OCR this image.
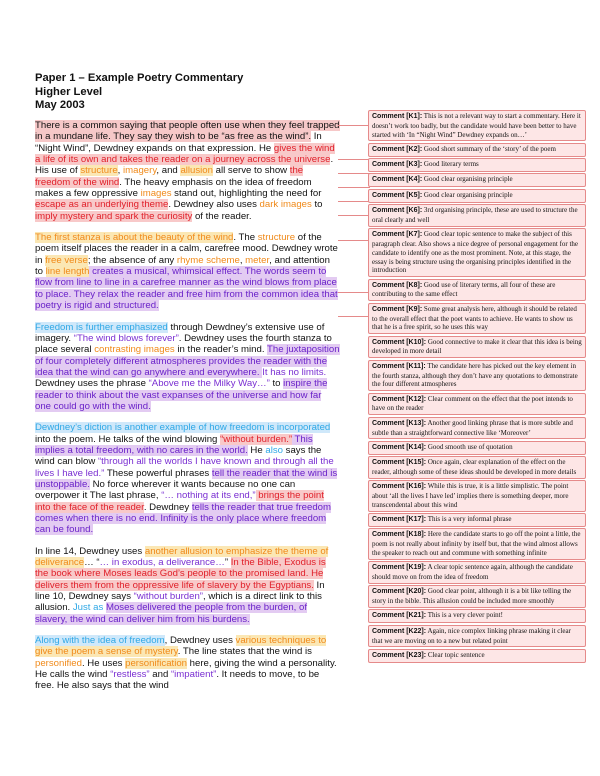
Paper 1 – Example Poetry Commentary
Higher Level
May 2003

There is a common saying that people often use when they feel trapped in a mundane life. They say they wish to be “as free as the wind”. In “Night Wind”, Dewdney expands on that expression. He gives the wind a life of its own and takes the reader on a journey across the universe. His use of structure, imagery, and allusion all serve to show the freedom of the wind. The heavy emphasis on the idea of freedom makes a few oppressive images stand out, highlighting the need for escape as an underlying theme. Dewdney also uses dark images to imply mystery and spark the curiosity of the reader.

The first stanza is about the beauty of the wind. The structure of the poem itself places the reader in a calm, carefree mood. Dewdney wrote in free verse; the absence of any rhyme scheme, meter, and attention to line length creates a musical, whimsical effect. The words seem to flow from line to line in a carefree manner as the wind blows from place to place. They relax the reader and free him from the common idea that poetry is rigid and structured.

Freedom is further emphasized through Dewdney’s extensive use of imagery. “The wind blows forever”. Dewdney uses the fourth stanza to place several contrasting images in the reader’s mind. The juxtaposition of four completely different atmospheres provides the reader with the idea that the wind can go anywhere and everywhere. It has no limits. Dewdney uses the phrase “Above me the Milky Way…” to inspire the reader to think about the vast expanses of the universe and how far one could go with the wind.

Dewdney’s diction is another example of how freedom is incorporated into the poem. He talks of the wind blowing “without burden.” This implies a total freedom, with no cares in the world. He also says the wind can blow “through all the worlds I have known and through all the lives I have led.” These powerful phrases tell the reader that the wind is unstoppable. No force wherever it wants because no one can overpower it The last phrase, “… nothing at its end,” brings the point into the face of the reader. Dewdney tells the reader that true freedom comes when there is no end. Infinity is the only place where freedom can be found.

In line 14, Dewdney uses another allusion to emphasize the theme of deliverance… “… in exodus, a deliverance…” In the Bible, Exodus is the book where Moses leads God’s people to the promised land. He delivers them from the oppressive life of slavery by the Egyptians. In line 10, Dewdney says “without burden”, which is a direct link to this allusion. Just as Moses delivered the people from the burden, of slavery, the wind can deliver him from his burdens.

Along with the idea of freedom, Dewdney uses various techniques to give the poem a sense of mystery. The line states that the wind is personified. He uses personification here, giving the wind a personality. He calls the wind “restless” and “impatient”. It needs to move, to be free. He also says that the wind

Comment [K1]: This is not a relevant way to start a commentary. Here it doesn’t work too badly, but the candidate would have been better to have started with ‘In “Night Wind” Dewdney expands on…’
Comment [K2]: Good short summary of the ‘story’ of the poem
Comment [K3]: Good literary terms
Comment [K4]: Good clear organising principle
Comment [K5]: Good clear organising principle
Comment [K6]: 3rd organising principle, these are used to structure the oral clearly and well
Comment [K7]: Good clear topic sentence to make the subject of this paragraph clear. Also shows a nice degree of personal engagement for the candidate to identify one as the most prominent. Note, at this stage, the essay is being structure using the organising principles identified in the introduction
Comment [K8]: Good use of literary terms, all four of these are contributing to the same effect
Comment [K9]: Some great analysis here, although it should be related to the overall effect that the poet wants to achieve. He wants to show us that he is a free spirit, so he uses this way
Comment [K10]: Good connective to make it clear that this idea is being developed in more detail
Comment [K11]: The candidate here has picked out the key element in the fourth stanza, although they don’t have any quotations to demonstrate the four different atmospheres
Comment [K12]: Clear comment on the effect that the poet intends to have on the reader
Comment [K13]: Another good linking phrase that is more subtle and subtle than a straightforward connective like ‘Moreover’
Comment [K14]: Good smooth use of quotation
Comment [K15]: Once again, clear explanation of the effect on the reader, although some of these ideas should be developed in more details
Comment [K16]: While this is true, it is a little simplistic. The point about ‘all the lives I have led’ implies there is something deeper, more transcendental about this wind
Comment [K17]: This is a very informal phrase
Comment [K18]: Here the candidate starts to go off the point a little, the poem is not really about infinity by itself but, that the wind almost allows the speaker to reach out and commune with something infinite
Comment [K19]: A clear topic sentence again, although the candidate should move on from the idea of freedom
Comment [K20]: Good clear point, although it is a bit like telling the story in the bible. This allusion could be included more smoothly
Comment [K21]: This is a very clever point!
Comment [K22]: Again, nice complex linking phrase making it clear that we are moving on to a new but related point
Comment [K23]: Clear topic sentence
